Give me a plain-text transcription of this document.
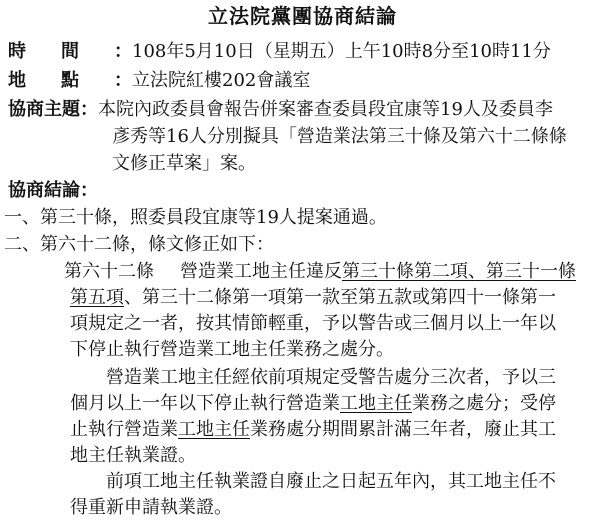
立法院黨團協商結論
時間：108年5月10日（星期五）上午10時8分至10時11分
地點：立法院紅樓202會議室
協商主題：本院內政委員會報告併案審查委員段宜康等19人及委員李
彥秀等16人分別擬具「營造業法第三十條及第六十二條條
文修正草案」案。
協商結論：
一、第三十條，照委員段宜康等19人提案通過。
二、第六十二條，條文修正如下：
第六十二條 營造業工地主任違反第三十條第二項、第三十一條
第五項、第三十二條第一項第一款至第五款或第四十一條第一
項規定之一者，按其情節輕重，予以警告或三個月以上一年以
下停止執行營造業工地主任業務之處分。
營造業工地主任經依前項規定受警告處分三次者，予以三
個月以上一年以下停止執行營造業工地主任業務之處分；受停
止執行營造業工地主任業務處分期間累計滿三年者，廢止其工
地主任執業證。
前項工地主任執業證自廢止之日起五年內，其工地主任不
得重新申請執業證。
